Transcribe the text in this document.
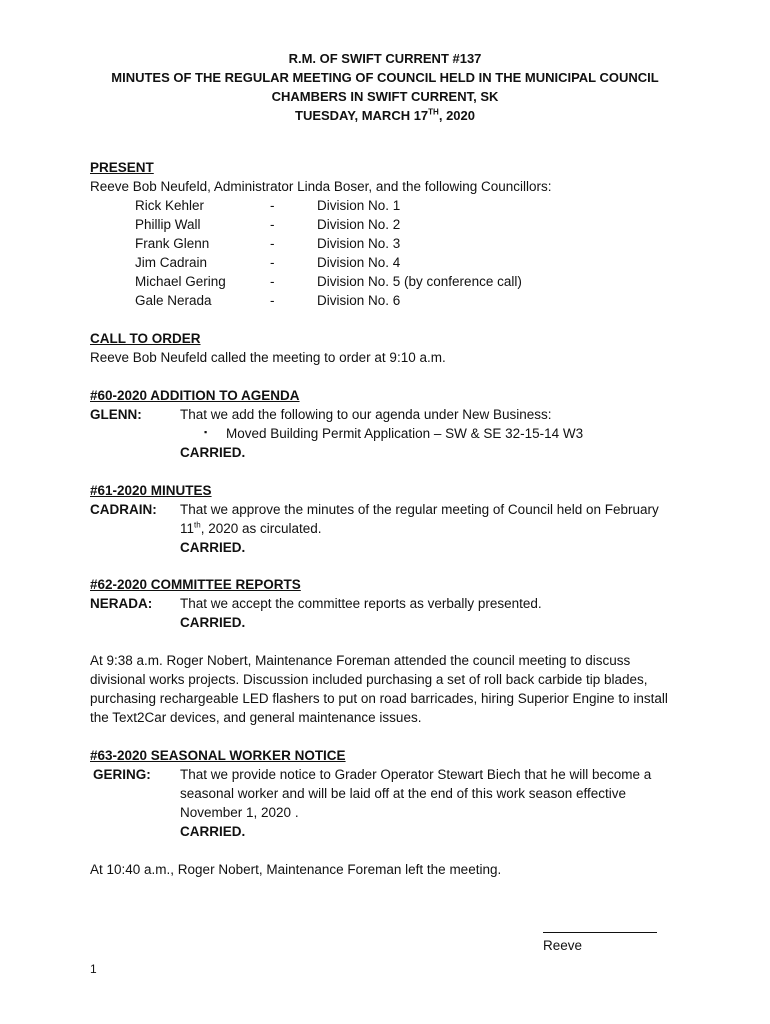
R.M. OF SWIFT CURRENT #137
MINUTES OF THE REGULAR MEETING OF COUNCIL HELD IN THE MUNICIPAL COUNCIL
CHAMBERS IN SWIFT CURRENT, SK
TUESDAY, MARCH 17TH, 2020
PRESENT
Reeve Bob Neufeld, Administrator Linda Boser, and the following Councillors:
Rick Kehler	-	Division No. 1
Phillip Wall	-	Division No. 2
Frank Glenn	-	Division No. 3
Jim Cadrain	-	Division No. 4
Michael Gering	-	Division No. 5 (by conference call)
Gale Nerada	-	Division No. 6
CALL TO ORDER
Reeve Bob Neufeld called the meeting to order at 9:10 a.m.
#60-2020 ADDITION TO AGENDA
GLENN:	That we add the following to our agenda under New Business:
▪ Moved Building Permit Application – SW & SE 32-15-14 W3
CARRIED.
#61-2020 MINUTES
CADRAIN: That we approve the minutes of the regular meeting of Council held on February
11th, 2020 as circulated.
CARRIED.
#62-2020 COMMITTEE REPORTS
NERADA: That we accept the committee reports as verbally presented.
CARRIED.
At 9:38 a.m. Roger Nobert, Maintenance Foreman attended the council meeting to discuss
divisional works projects. Discussion included purchasing a set of roll back carbide tip blades,
purchasing rechargeable LED flashers to put on road barricades, hiring Superior Engine to install
the Text2Car devices, and general maintenance issues.
#63-2020 SEASONAL WORKER NOTICE
GERING: That we provide notice to Grader Operator Stewart Biech that he will become a
seasonal worker and will be laid off at the end of this work season effective
November 1, 2020 .
CARRIED.
At 10:40 a.m., Roger Nobert, Maintenance Foreman left the meeting.
Reeve
1
